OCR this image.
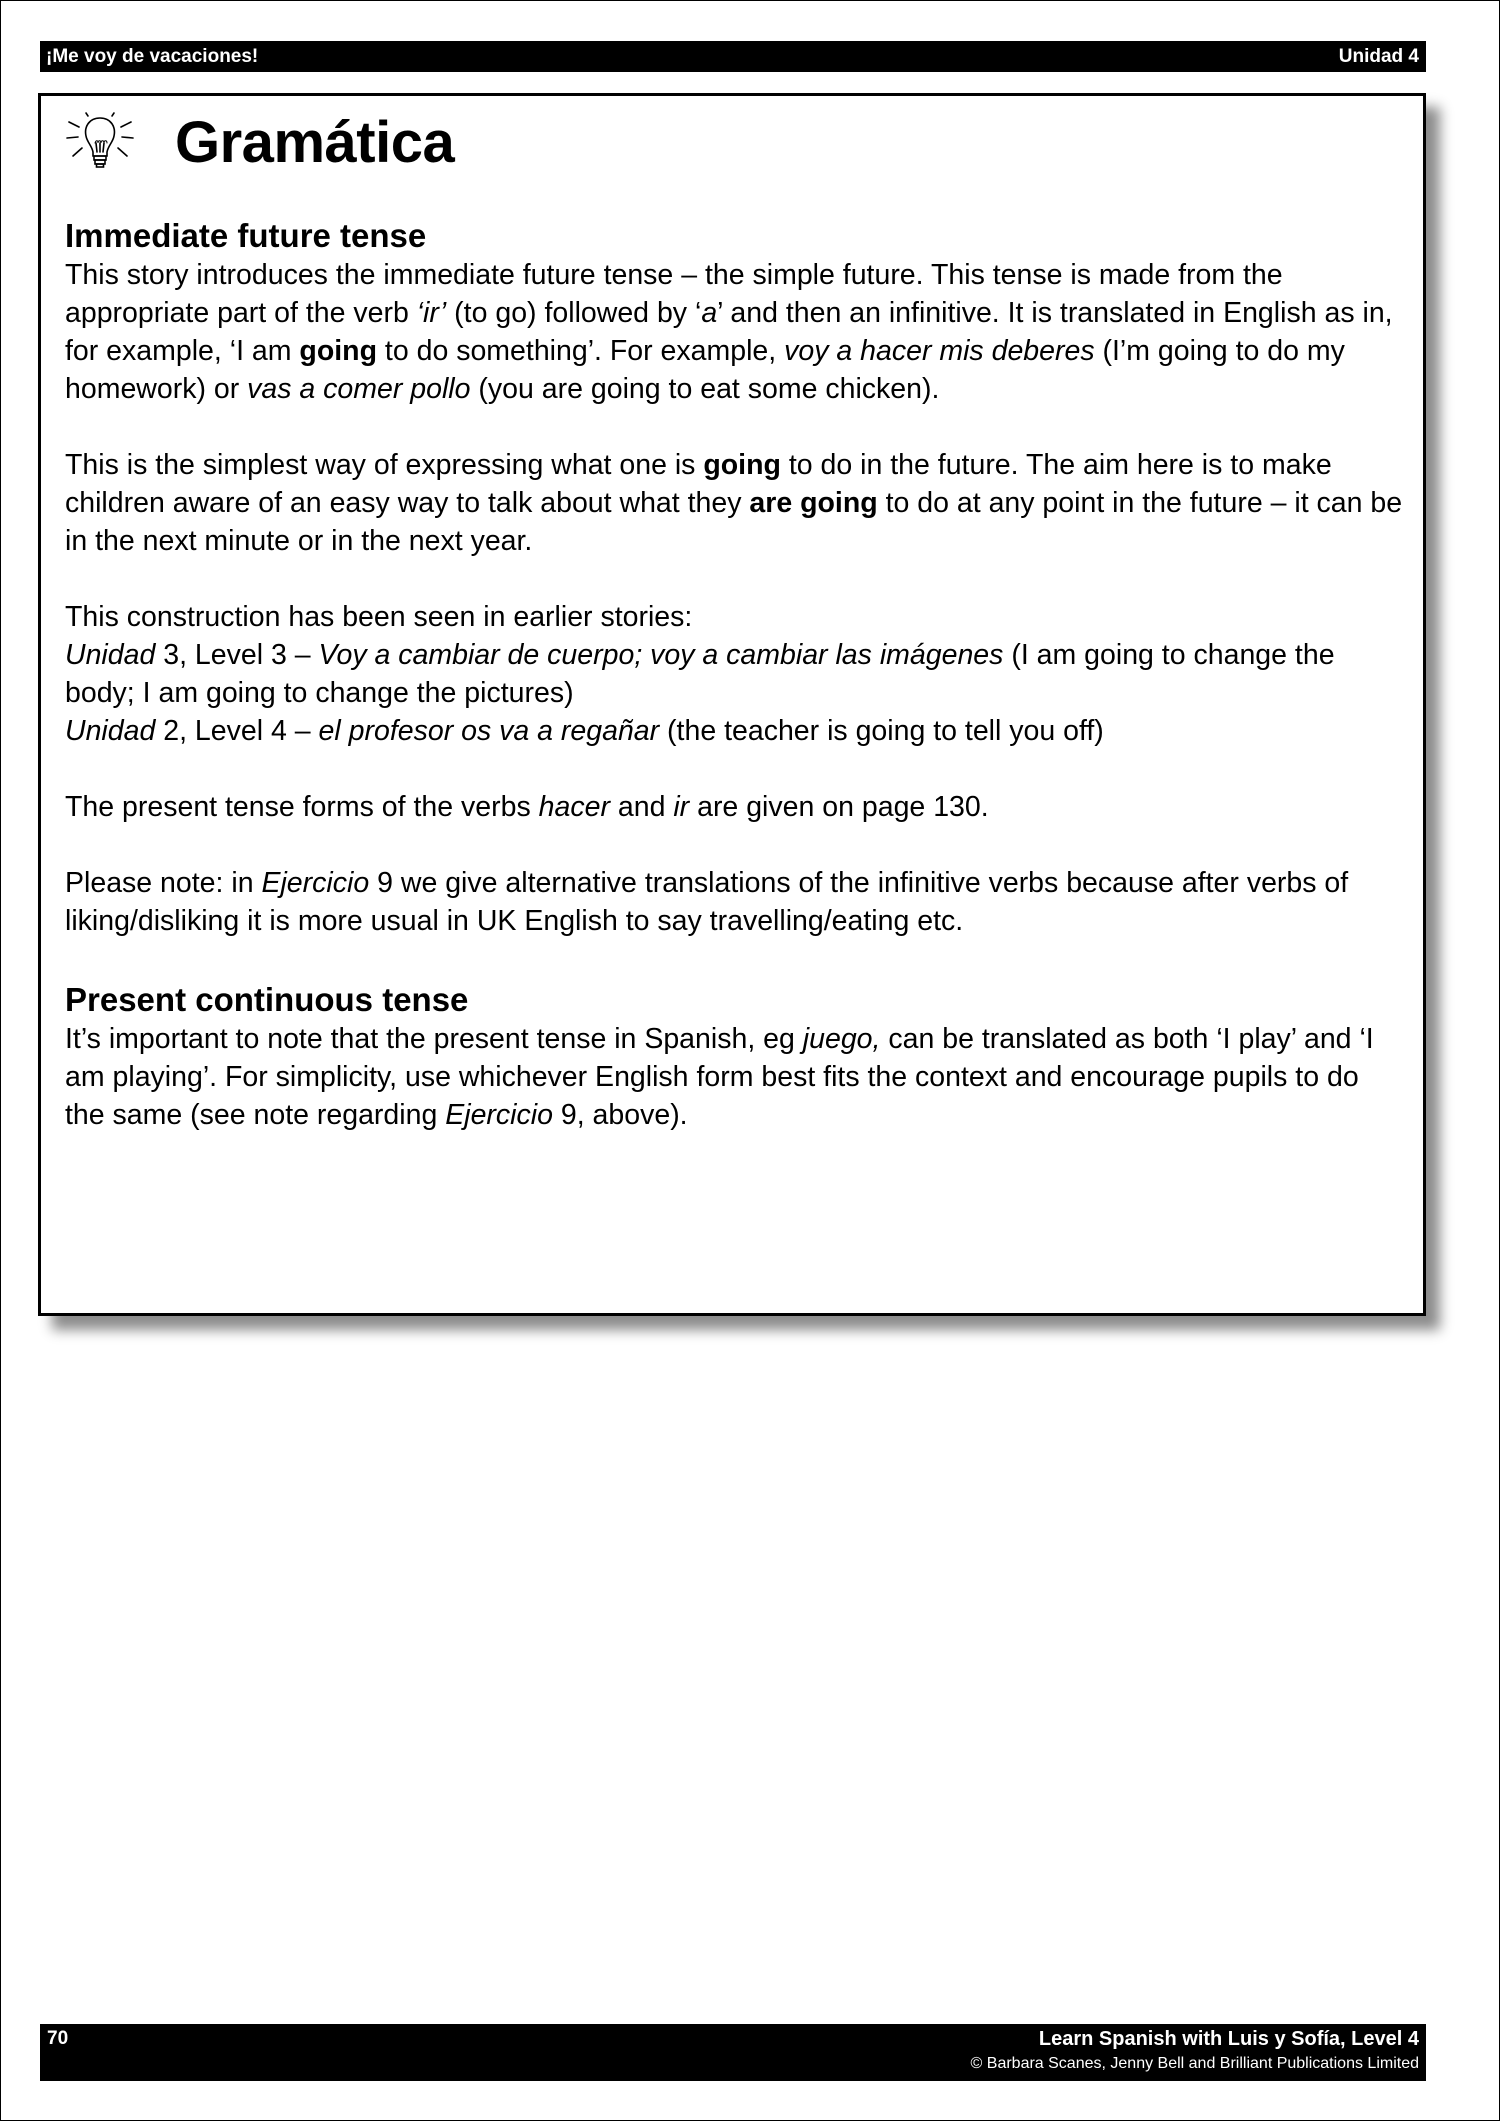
¡Me voy de vacaciones!	Unidad 4
Gramática
Immediate future tense

This story introduces the immediate future tense – the simple future. This tense is made from the appropriate part of the verb ‘ir’ (to go) followed by ‘a’ and then an infinitive. It is translated in English as in, for example, ‘I am going to do something’. For example, voy a hacer mis deberes (I’m going to do my homework) or vas a comer pollo (you are going to eat some chicken).

This is the simplest way of expressing what one is going to do in the future. The aim here is to make children aware of an easy way to talk about what they are going to do at any point in the future – it can be in the next minute or in the next year.

This construction has been seen in earlier stories:

Unidad 3, Level 3 – Voy a cambiar de cuerpo; voy a cambiar las imágenes (I am going to change the body; I am going to change the pictures)

Unidad 2, Level 4 – el profesor os va a regañar (the teacher is going to tell you off)

The present tense forms of the verbs hacer and ir are given on page 130.

Please note: in Ejercicio 9 we give alternative translations of the infinitive verbs because after verbs of liking/disliking it is more usual in UK English to say travelling/eating etc.

Present continuous tense

It’s important to note that the present tense in Spanish, eg juego, can be translated as both ‘I play’ and ‘I am playing’. For simplicity, use whichever English form best fits the context and encourage pupils to do the same (see note regarding Ejercicio 9, above).

70	Learn Spanish with Luis y Sofía, Level 4
© Barbara Scanes, Jenny Bell and Brilliant Publications Limited
